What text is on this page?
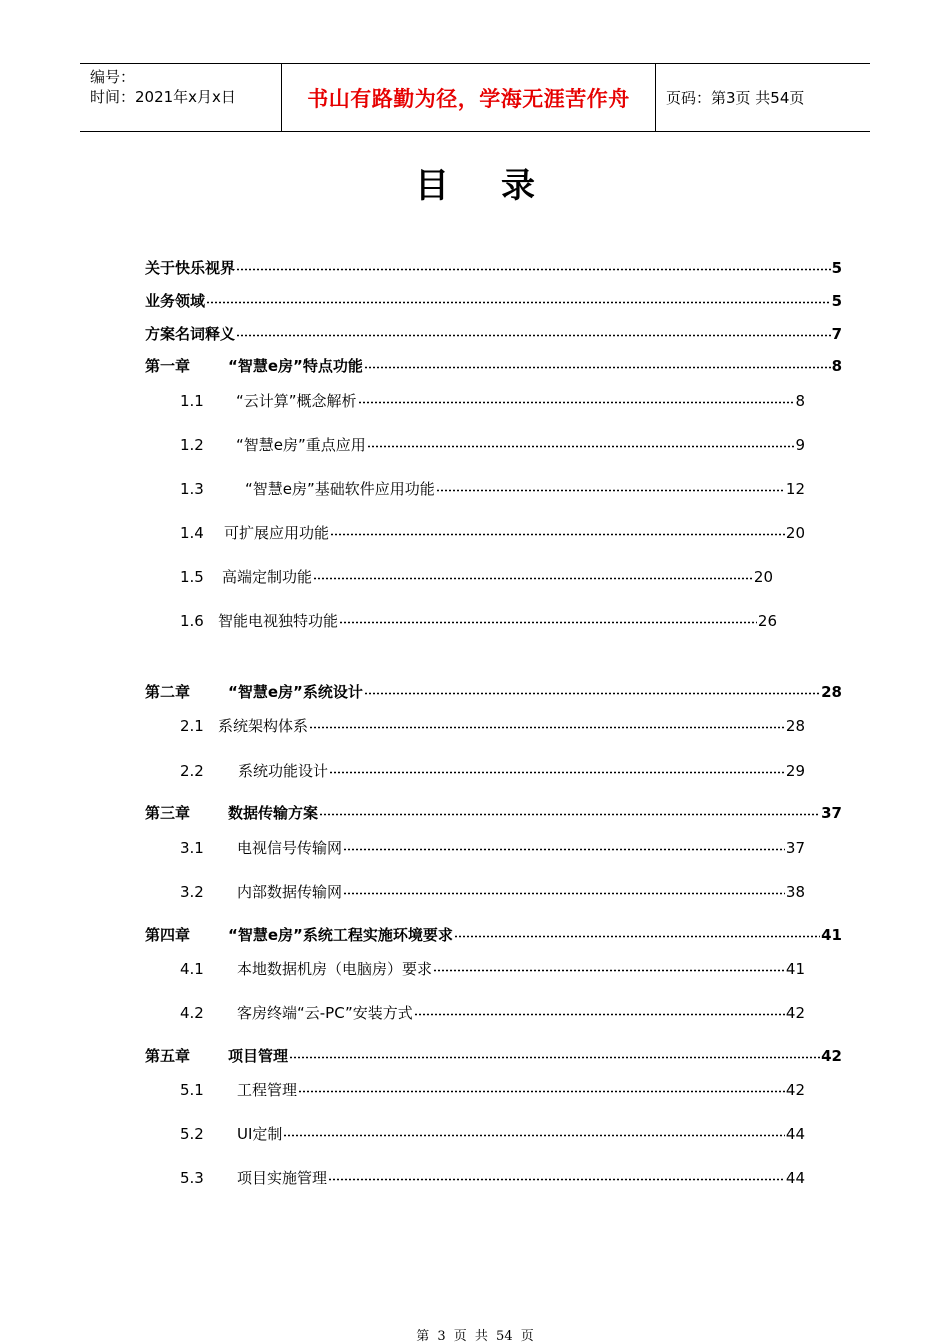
编号：
时间：2021年x月x日	书山有路勤为径，学海无涯苦作舟 页码：第3页 共54页
目录
关于快乐视界	5
业务领域	5
方案名词释义	7
第一章	“智慧e房”特点功能	8
1.1	“云计算”概念解析	8
1.2	“智慧e房”重点应用	9
1.3	“智慧e房”基础软件应用功能	12
1.4	可扩展应用功能	20
1.5	高端定制功能	20
1.6 智能电视独特功能	26
第二章	“智慧e房”系统设计	28
2.1 系统架构体系	28
2.2	系统功能设计	29
第三章	数据传输方案	37
3.1	电视信号传输网	37
3.2	内部数据传输网	38
第四章	“智慧e房”系统工程实施环境要求	41
4.1	本地数据机房（电脑房）要求	41
4.2	客房终端“云-PC”安装方式	42
第五章	项目管理	42
5.1	工程管理	42
5.2	UI定制	44
5.3	项目实施管理	44
第 3 页 共 54 页
